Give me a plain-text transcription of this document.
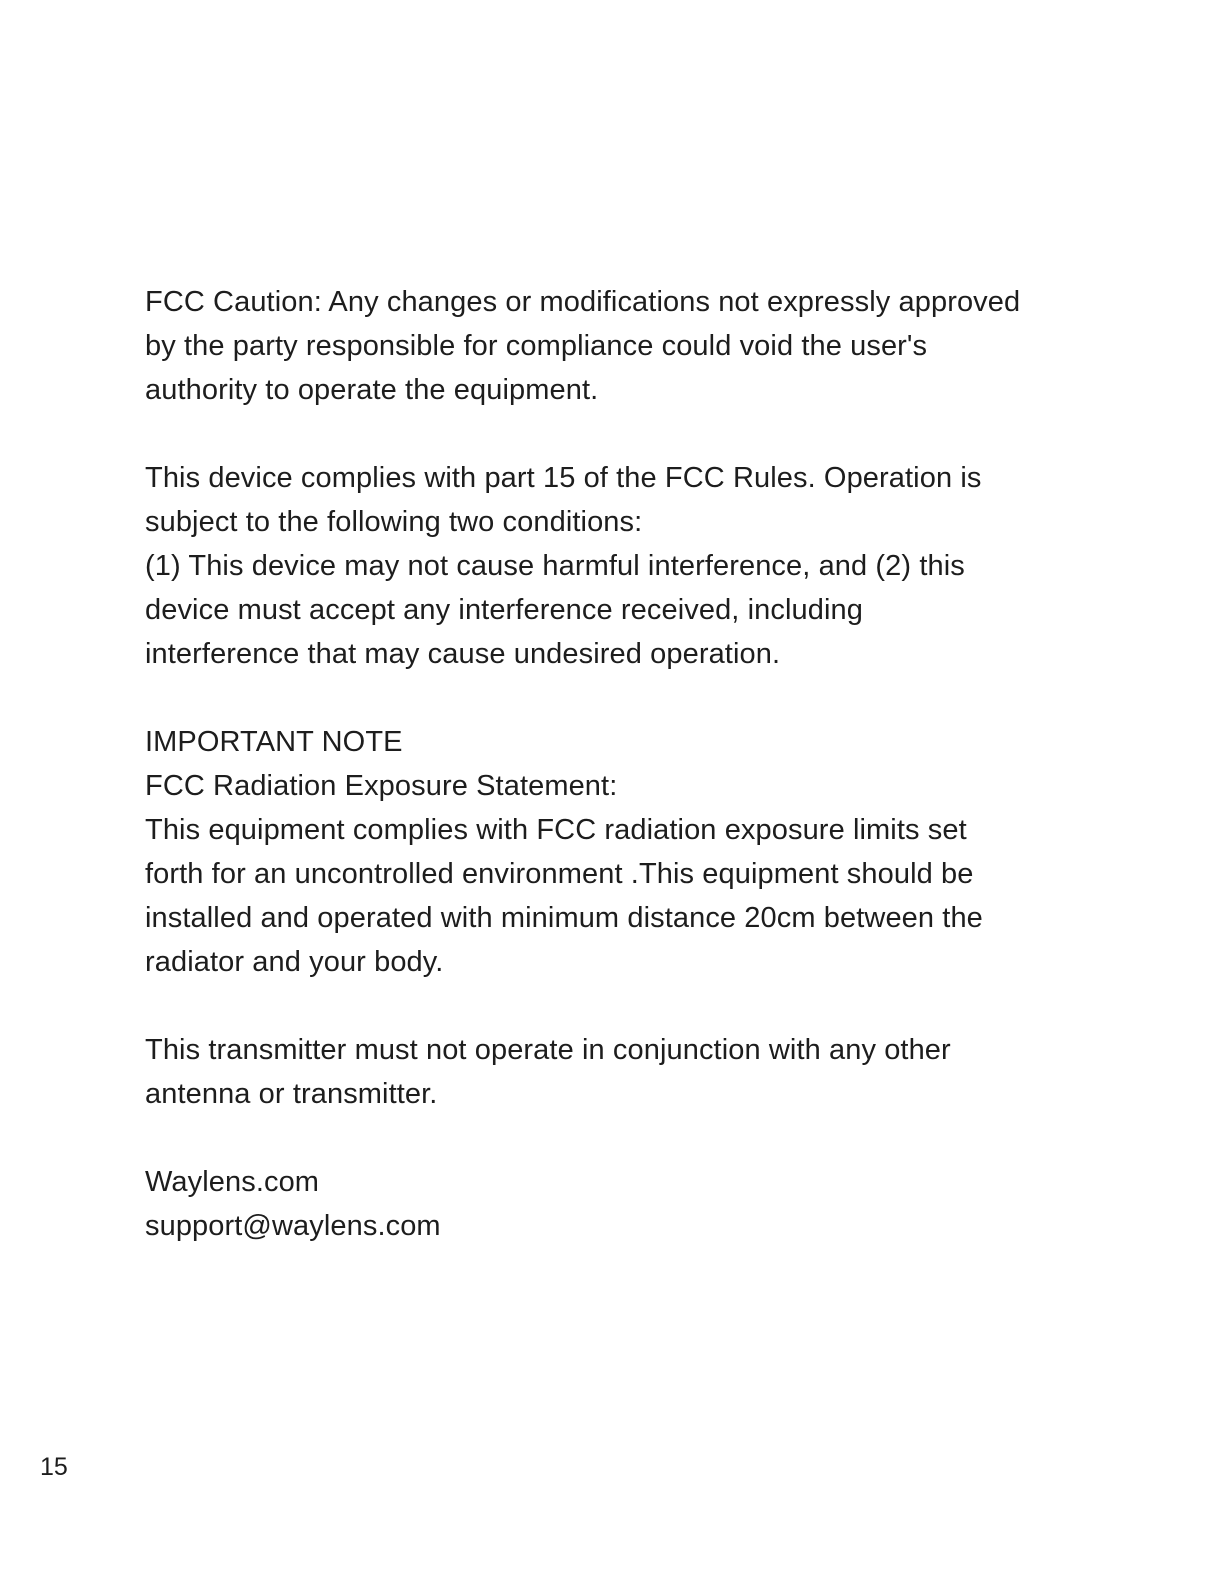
FCC Caution: Any changes or modifications not expressly approved
by the party responsible for compliance could void the user's
authority to operate the equipment.
This device complies with part 15 of the FCC Rules. Operation is
subject to the following two conditions:
(1) This device may not cause harmful interference, and (2) this
device must accept any interference received, including
interference that may cause undesired operation.
IMPORTANT NOTE
FCC Radiation Exposure Statement:
This equipment complies with FCC radiation exposure limits set
forth for an uncontrolled environment .This equipment should be
installed and operated with minimum distance 20cm between the
radiator and your body.
This transmitter must not operate in conjunction with any other
antenna or transmitter.
Waylens.com
support@waylens.com
15
